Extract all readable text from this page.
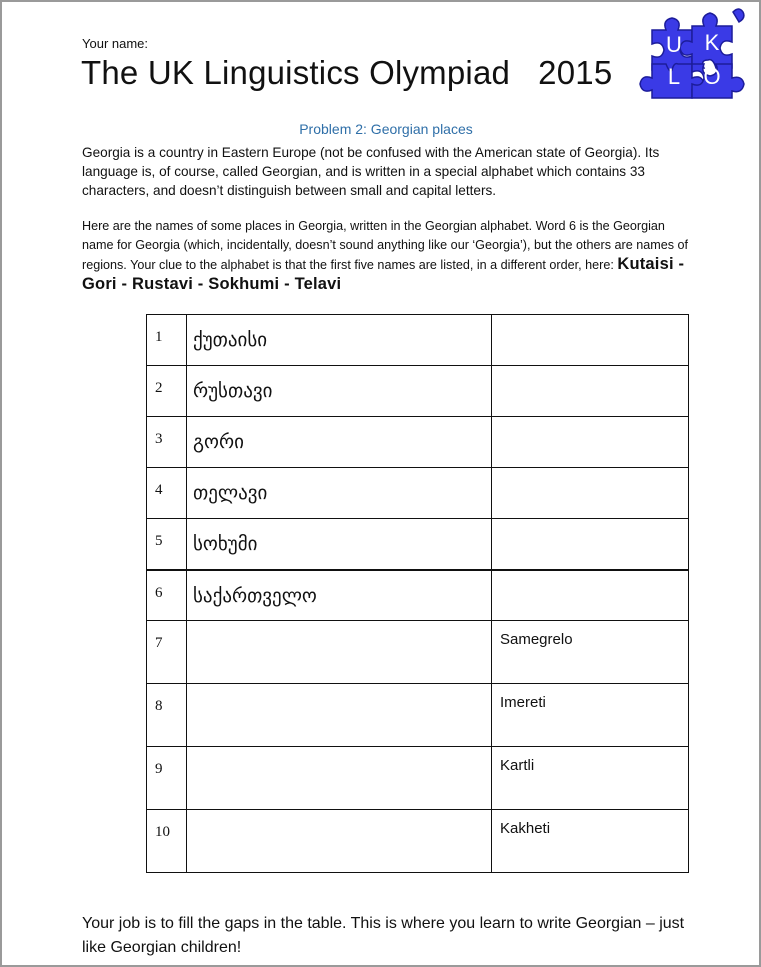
Your name:
The UK Linguistics Olympiad   2015
U K
L O
Problem 2: Georgian places
Georgia is a country in Eastern Europe (not be confused with the American state of Georgia). Its language is, of course, called Georgian, and is written in a special alphabet which contains 33 characters, and doesn’t distinguish between small and capital letters.
Here are the names of some places in Georgia, written in the Georgian alphabet. Word 6 is the Georgian name for Georgia (which, incidentally, doesn’t sound anything like our ‘Georgia’), but the others are names of regions. Your clue to the alphabet is that the first five names are listed, in a different order, here: Kutaisi - Gori - Rustavi - Sokhumi - Telavi
1	ქუთაისი	
2	რუსთავი	
3	გორი	
4	თელავი	
5	სოხუმი	
6	საქართველო	
7		Samegrelo
8		Imereti
9		Kartli
10		Kakheti
Your job is to fill the gaps in the table. This is where you learn to write Georgian – just like Georgian children!
